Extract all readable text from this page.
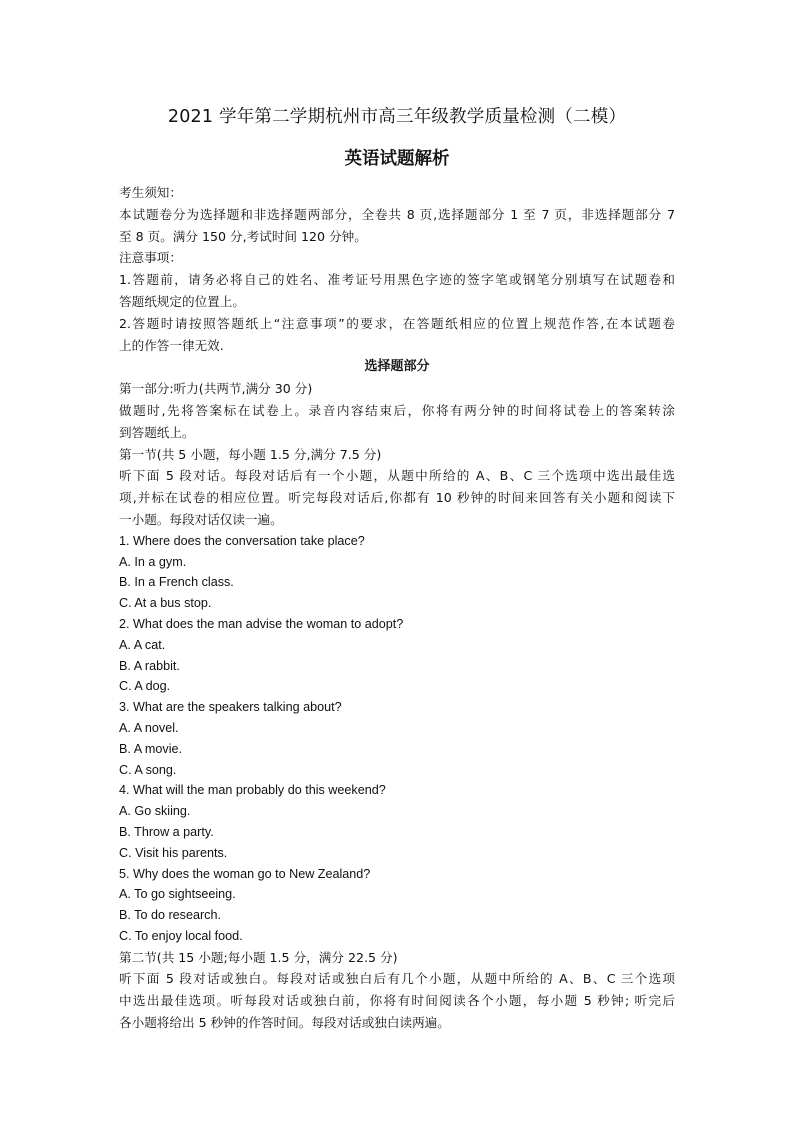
2021 学年第二学期杭州市高三年级教学质量检测（二模）
英语试题解析
考生须知：
本试题卷分为选择题和非选择题两部分，全卷共 8 页,选择题部分 1 至 7 页，非选择题部分 7
至 8 页。满分 150 分,考试时间 120 分钟。
注意事项：
1.答题前，请务必将自己的姓名、准考证号用黑色字迹的签字笔或钢笔分别填写在试题卷和
答题纸规定的位置上。
2.答题时请按照答题纸上“注意事项”的要求，在答题纸相应的位置上规范作答,在本试题卷
上的作答一律无效.
选择题部分
第一部分:听力(共两节,满分 30 分)
做题时,先将答案标在试卷上。录音内容结束后，你将有两分钟的时间将试卷上的答案转涂
到答题纸上。
第一节(共 5 小题，每小题 1.5 分,满分 7.5 分)
听下面 5 段对话。每段对话后有一个小题，从题中所给的 A、B、C 三个选项中选出最佳选
项,并标在试卷的相应位置。听完每段对话后,你都有 10 秒钟的时间来回答有关小题和阅读下
一小题。每段对话仅读一遍。
1. Where does the conversation take place?
A. In a gym.
B. In a French class.
C. At a bus stop.
2. What does the man advise the woman to adopt?
A. A cat.
B. A rabbit.
C. A dog.
3. What are the speakers talking about?
A. A novel.
B. A movie.
C. A song.
4. What will the man probably do this weekend?
A. Go skiing.
B. Throw a party.
C. Visit his parents.
5. Why does the woman go to New Zealand?
A. To go sightseeing.
B. To do research.
C. To enjoy local food.
第二节(共 15 小题;每小题 1.5 分，满分 22.5 分)
听下面 5 段对话或独白。每段对话或独白后有几个小题，从题中所给的 A、B、C 三个选项
中选出最佳选项。听每段对话或独白前，你将有时间阅读各个小题，每小题 5 秒钟; 听完后
各小题将给出 5 秒钟的作答时间。每段对话或独白读两遍。
